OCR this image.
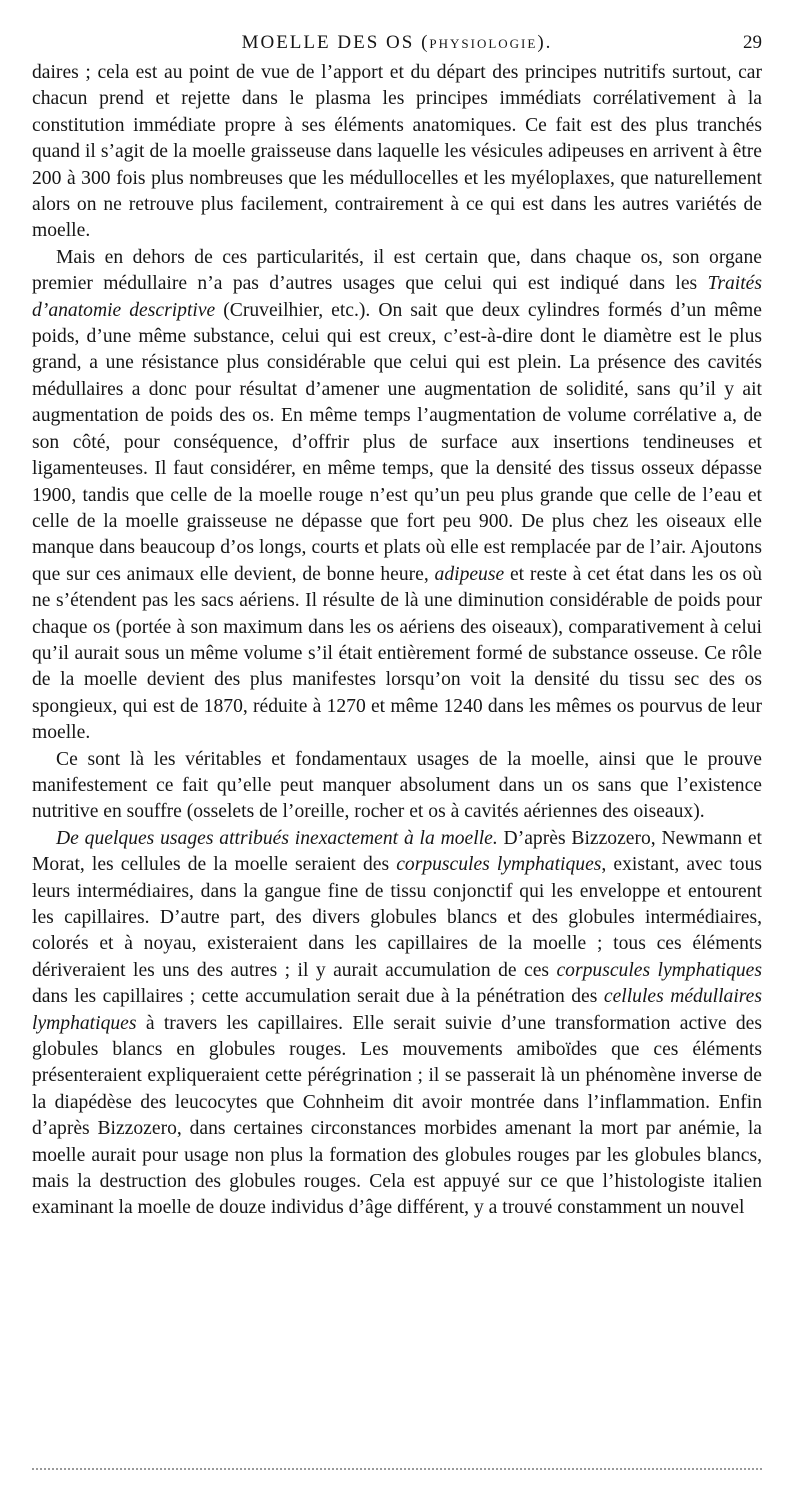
MOELLE DES OS (PHYSIOLOGIE).	29

daires ; cela est au point de vue de l’apport et du départ des principes nutritifs surtout, car chacun prend et rejette dans le plasma les principes immédiats corrélativement à la constitution immédiate propre à ses éléments anatomiques. Ce fait est des plus tranchés quand il s’agit de la moelle graisseuse dans laquelle les vésicules adipeuses en arrivent à être 200 à 300 fois plus nombreuses que les médullocelles et les myéloplaxes, que naturellement alors on ne retrouve plus facilement, contrairement à ce qui est dans les autres variétés de moelle.

Mais en dehors de ces particularités, il est certain que, dans chaque os, son organe premier médullaire n’a pas d’autres usages que celui qui est indiqué dans les Traités d’anatomie descriptive (Cruveilhier, etc.). On sait que deux cylindres formés d’un même poids, d’une même substance, celui qui est creux, c’est-à-dire dont le diamètre est le plus grand, a une résistance plus considérable que celui qui est plein. La présence des cavités médullaires a donc pour résultat d’amener une augmentation de solidité, sans qu’il y ait augmentation de poids des os. En même temps l’augmentation de volume corrélative a, de son côté, pour conséquence, d’offrir plus de surface aux insertions tendineuses et ligamenteuses. Il faut considérer, en même temps, que la densité des tissus osseux dépasse 1900, tandis que celle de la moelle rouge n’est qu’un peu plus grande que celle de l’eau et celle de la moelle graisseuse ne dépasse que fort peu 900. De plus chez les oiseaux elle manque dans beaucoup d’os longs, courts et plats où elle est remplacée par de l’air. Ajoutons que sur ces animaux elle devient, de bonne heure, adipeuse et reste à cet état dans les os où ne s’étendent pas les sacs aériens. Il résulte de là une diminution considérable de poids pour chaque os (portée à son maximum dans les os aériens des oiseaux), comparativement à celui qu’il aurait sous un même volume s’il était entièrement formé de substance osseuse. Ce rôle de la moelle devient des plus manifestes lorsqu’on voit la densité du tissu sec des os spongieux, qui est de 1870, réduite à 1270 et même 1240 dans les mêmes os pourvus de leur moelle.

Ce sont là les véritables et fondamentaux usages de la moelle, ainsi que le prouve manifestement ce fait qu’elle peut manquer absolument dans un os sans que l’existence nutritive en souffre (osselets de l’oreille, rocher et os à cavités aériennes des oiseaux).

De quelques usages attribués inexactement à la moelle. D’après Bizzozero, Newmann et Morat, les cellules de la moelle seraient des corpuscules lymphatiques, existant, avec tous leurs intermédiaires, dans la gangue fine de tissu conjonctif qui les enveloppe et entourent les capillaires. D’autre part, des divers globules blancs et des globules intermédiaires, colorés et à noyau, existeraient dans les capillaires de la moelle ; tous ces éléments dériveraient les uns des autres ; il y aurait accumulation de ces corpuscules lymphatiques dans les capillaires ; cette accumulation serait due à la pénétration des cellules médullaires lymphatiques à travers les capillaires. Elle serait suivie d’une transformation active des globules blancs en globules rouges. Les mouvements amiboïdes que ces éléments présenteraient expliqueraient cette pérégrination ; il se passerait là un phénomène inverse de la diapédèse des leucocytes que Cohnheim dit avoir montrée dans l’inflammation. Enfin d’après Bizzozero, dans certaines circonstances morbides amenant la mort par anémie, la moelle aurait pour usage non plus la formation des globules rouges par les globules blancs, mais la destruction des globules rouges. Cela est appuyé sur ce que l’histologiste italien examinant la moelle de douze individus d’âge différent, y a trouvé constamment un nouvel
